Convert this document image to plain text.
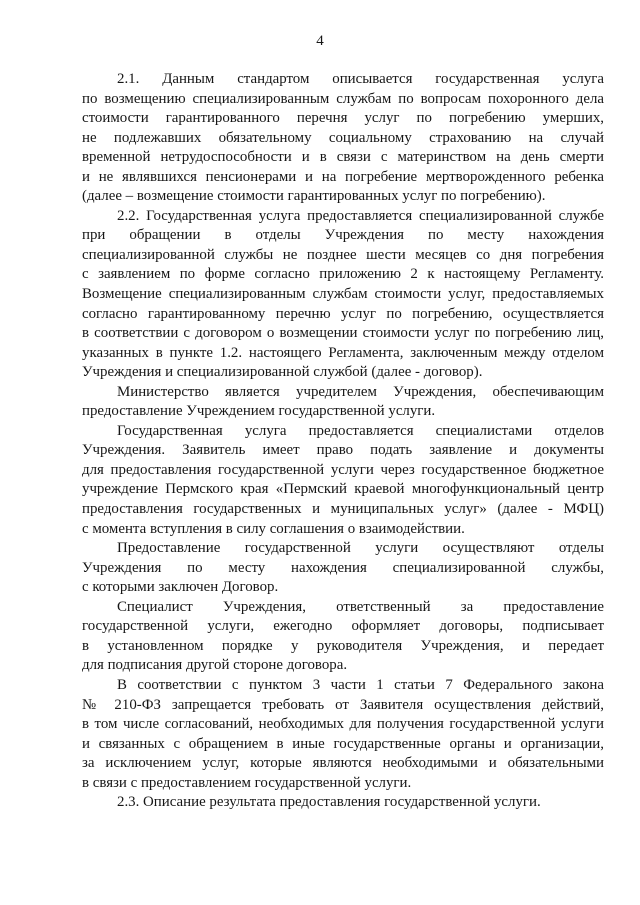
4
2.1. Данным стандартом описывается государственная услуга
по возмещению специализированным службам по вопросам похоронного дела
стоимости гарантированного перечня услуг по погребению умерших,
не подлежавших обязательному социальному страхованию на случай
временной нетрудоспособности и в связи с материнством на день смерти
и не являвшихся пенсионерами и на погребение мертворожденного ребенка
(далее – возмещение стоимости гарантированных услуг по погребению).
2.2. Государственная услуга предоставляется специализированной службе
при обращении в отделы Учреждения по месту нахождения
специализированной службы не позднее шести месяцев со дня погребения
с заявлением по форме согласно приложению 2 к настоящему Регламенту.
Возмещение специализированным службам стоимости услуг, предоставляемых
согласно гарантированному перечню услуг по погребению, осуществляется
в соответствии с договором о возмещении стоимости услуг по погребению лиц,
указанных в пункте 1.2. настоящего Регламента, заключенным между отделом
Учреждения и специализированной службой (далее - договор).
Министерство является учредителем Учреждения, обеспечивающим
предоставление Учреждением государственной услуги.
Государственная услуга предоставляется специалистами отделов
Учреждения. Заявитель имеет право подать заявление и документы
для предоставления государственной услуги через государственное бюджетное
учреждение Пермского края «Пермский краевой многофункциональный центр
предоставления государственных и муниципальных услуг» (далее - МФЦ)
с момента вступления в силу соглашения о взаимодействии.
Предоставление государственной услуги осуществляют отделы
Учреждения по месту нахождения специализированной службы,
с которыми заключен Договор.
Специалист Учреждения, ответственный за предоставление
государственной услуги, ежегодно оформляет договоры, подписывает
в установленном порядке у руководителя Учреждения, и передает
для подписания другой стороне договора.
В соответствии с пунктом 3 части 1 статьи 7 Федерального закона
№ 210-ФЗ запрещается требовать от Заявителя осуществления действий,
в том числе согласований, необходимых для получения государственной услуги
и связанных с обращением в иные государственные органы и организации,
за исключением услуг, которые являются необходимыми и обязательными
в связи с предоставлением государственной услуги.
2.3. Описание результата предоставления государственной услуги.
